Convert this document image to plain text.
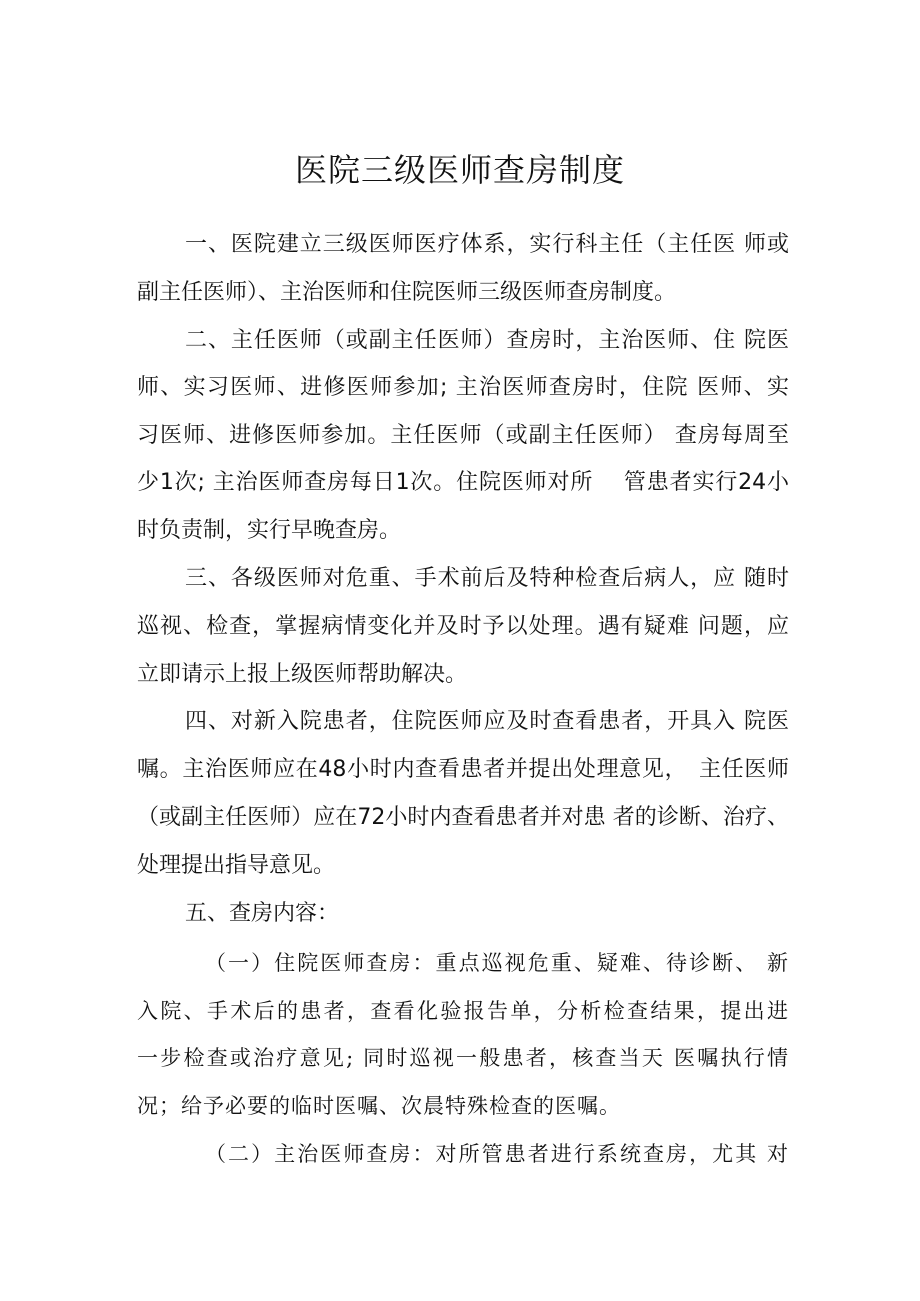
医院三级医师查房制度

一、医院建立三级医师医疗体系，实行科主任（主任医 师或

副主任医师）、主治医师和住院医师三级医师查房制度。

二、主任医师（或副主任医师）查房时，主治医师、住 院医

师、实习医师、进修医师参加; 主治医师查房时，住院 医师、实

习医师、进修医师参加。主任医师（或副主任医师） 查房每周至

少1次; 主治医师查房每日1次。住院医师对所　 管患者实行24小

时负责制，实行早晚查房。

三、各级医师对危重、手术前后及特种检查后病人，应 随时

巡视、检查，掌握病情变化并及时予以处理。遇有疑难 问题，应

立即请示上报上级医师帮助解决。

四、对新入院患者，住院医师应及时查看患者，开具入 院医

嘱。主治医师应在48小时内查看患者并提出处理意见，　主任医师

（或副主任医师）应在72小时内查看患者并对患 者的诊断、治疗、

处理提出指导意见。

五、查房内容：

（一）住院医师查房：重点巡视危重、疑难、待诊断、 新

入院、手术后的患者，查看化验报告单，分析检查结果，提出进

一步检查或治疗意见; 同时巡视一般患者，核查当天 医嘱执行情

况；给予必要的临时医嘱、次晨特殊检查的医嘱。

（二）主治医师查房：对所管患者进行系统查房，尤其 对
